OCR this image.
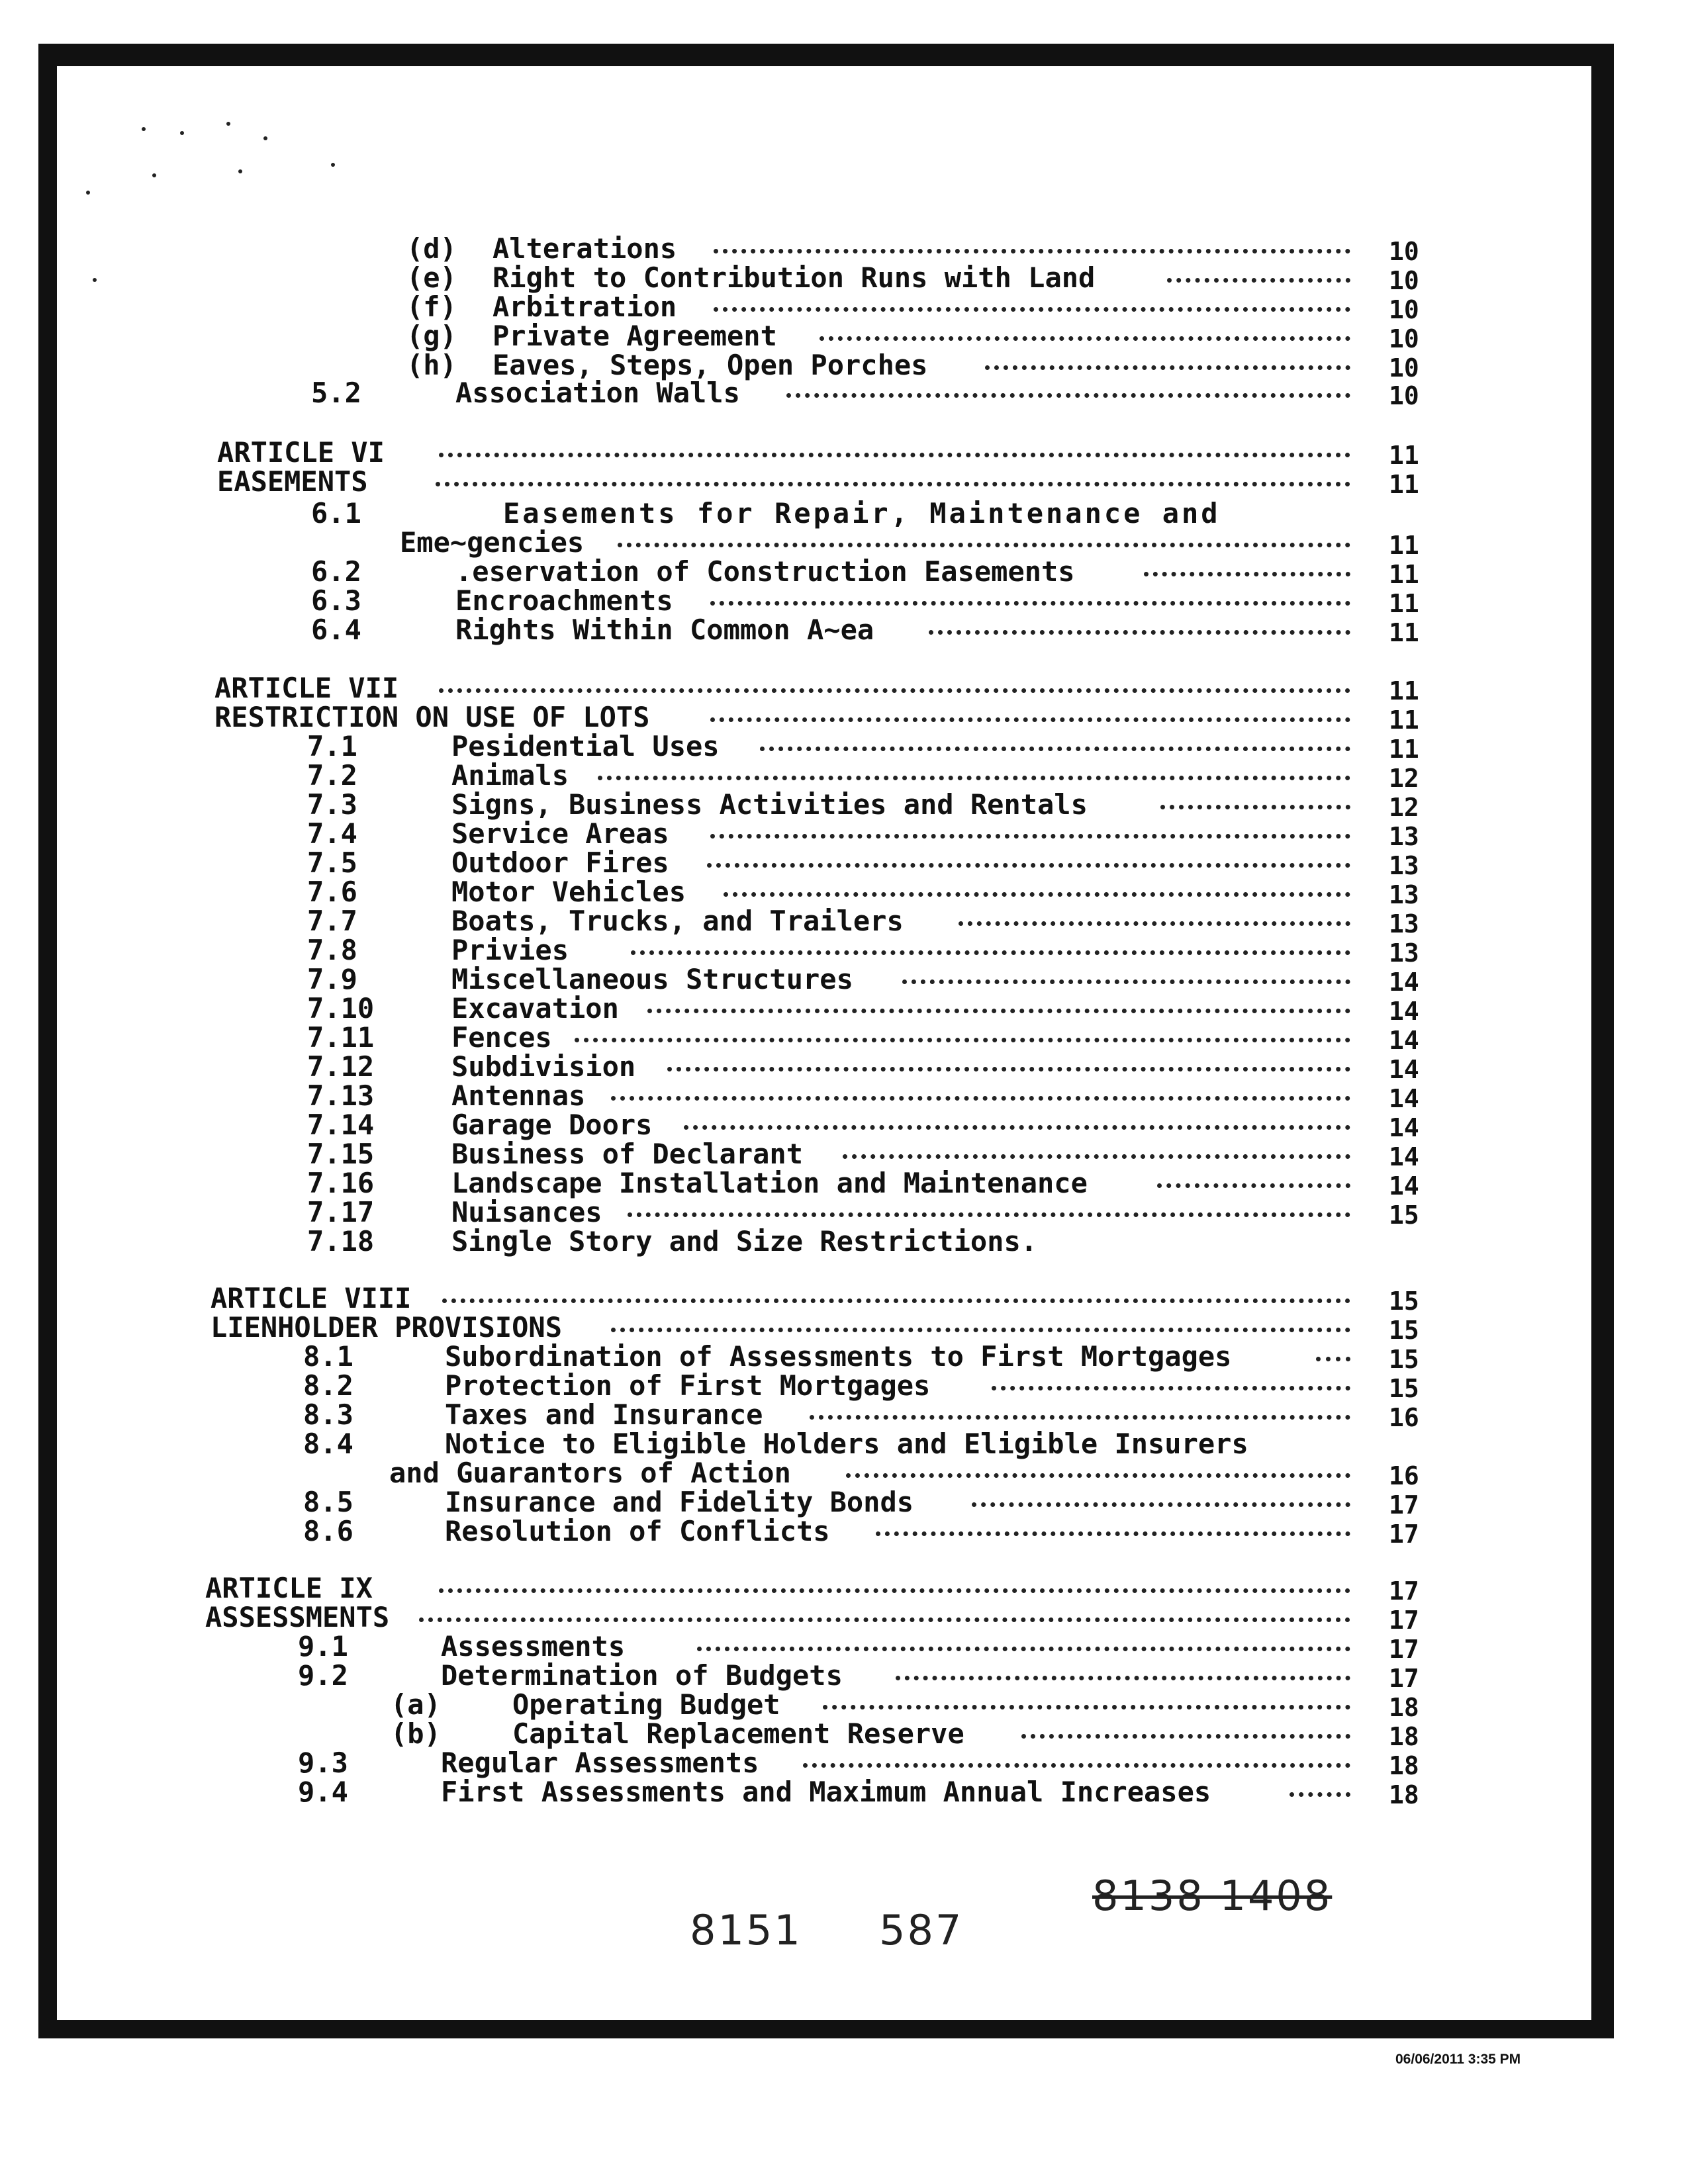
(d) Alterations	10
(e) Right to Contribution Runs with Land	10
(f) Arbitration	10
(g) Private Agreement	10
(h) Eaves, Steps, Open Porches	10
5.2	Association Walls	10
ARTICLE VI	11
EASEMENTS	11
6.1	Easements for Repair, Maintenance and
Eme~gencies	11
6.2	.eservation of Construction Easements	11
6.3	Encroachments	11
6.4	Rights Within Common A~ea	11
ARTICLE VII	11
RESTRICTION ON USE OF LOTS	11
7.1	Pesidential Uses	11
7.2	Animals	12
7.3	Signs, Business Activities and Rentals	12
7.4	Service Areas	13
7.5	Outdoor Fires	13
7.6	Motor Vehicles	13
7.7	Boats, Trucks, and Trailers	13
7.8	Privies	13
7.9	Miscellaneous Structures	14
7.10	Excavation	14
7.11	Fences	14
7.12	Subdivision	14
7.13	Antennas	14
7.14	Garage Doors	14
7.15	Business of Declarant	14
7.16	Landscape Installation and Maintenance	14
7.17	Nuisances	15
7.18	Single Story and Size Restrictions.
ARTICLE VIII	15
LIENHOLDER PROVISIONS	15
8.1	Subordination of Assessments to First Mortgages	15
8.2	Protection of First Mortgages	15
8.3	Taxes and Insurance	16
8.4	Notice to Eligible Holders and Eligible Insurers
and Guarantors of Action	16
8.5	Insurance and Fidelity Bonds	17
8.6	Resolution of Conflicts	17
ARTICLE IX	17
ASSESSMENTS	17
9.1	Assessments	17
9.2	Determination of Budgets	17
(a)	Operating Budget	18
(b)	Capital Replacement Reserve	18
9.3	Regular Assessments	18
9.4	First Assessments and Maximum Annual Increases	18
8151 587
8138 1408
06/06/2011 3:35 PM
